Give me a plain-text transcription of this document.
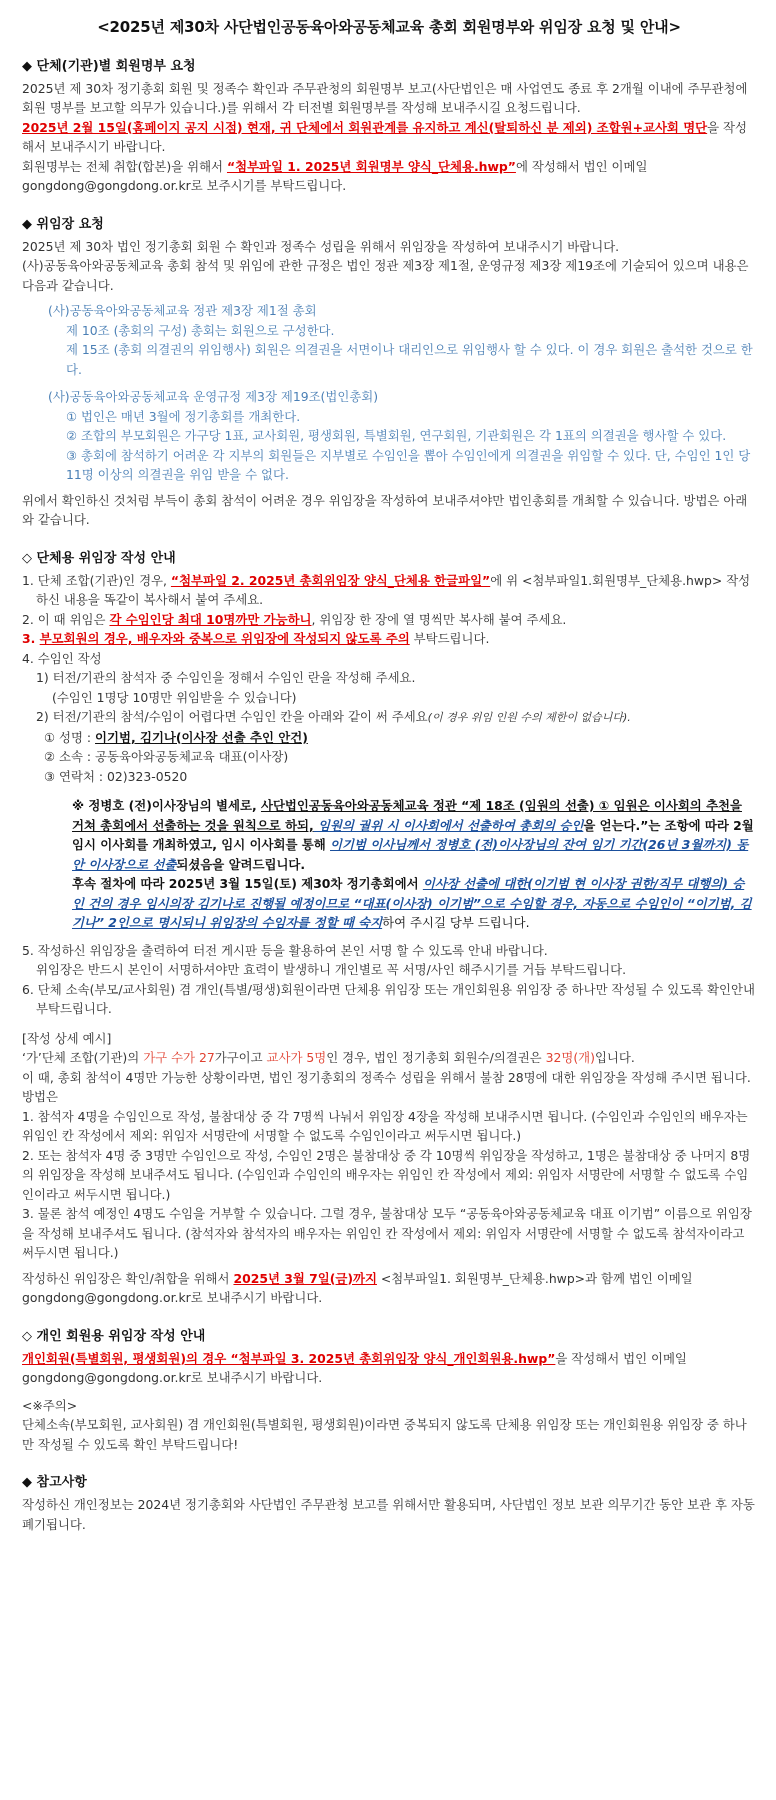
<2025년 제30차 사단법인공동육아와공동체교육 총회 회원명부와 위임장 요청 및 안내>
◆ 단체(기관)별 회원명부 요청

2025년 제 30차 정기총회 회원 및 정족수 확인과 주무관청의 회원명부 보고(사단법인은 매 사업연도 종료 후 2개월 이내에 주무관청에 회원 명부를 보고할 의무가 있습니다.)를 위해서 각 터전별 회원명부를 작성해 보내주시길 요청드립니다.

2025년 2월 15일(홈페이지 공지 시점) 현재, 귀 단체에서 회원관계를 유지하고 계신(탈퇴하신 분 제외) 조합원+교사회 명단을 작성해서 보내주시기 바랍니다.

회원명부는 전체 취합(합본)을 위해서 “첨부파일 1. 2025년 회원명부 양식_단체용.hwp”에 작성해서 법인 이메일 gongdong@gongdong.or.kr로 보주시기를 부탁드립니다.

◆ 위임장 요청

2025년 제 30차 법인 정기총회 회원 수 확인과 정족수 성립을 위해서 위임장을 작성하여 보내주시기 바랍니다.

(사)공동육아와공동체교육 총회 참석 및 위임에 관한 규정은 법인 정관 제3장 제1절, 운영규정 제3장 제19조에 기술되어 있으며 내용은 다음과 같습니다.

(사)공동육아와공동체교육 정관 제3장 제1절 총회

제 10조 (총회의 구성) 총회는 회원으로 구성한다.

제 15조 (총회 의결권의 위임행사) 회원은 의결권을 서면이나 대리인으로 위임행사 할 수 있다. 이 경우 회원은 출석한 것으로 한다.

(사)공동육아와공동체교육 운영규정 제3장 제19조(법인총회)

① 법인은 매년 3월에 정기총회를 개최한다.

② 조합의 부모회원은 가구당 1표, 교사회원, 평생회원, 특별회원, 연구회원, 기관회원은 각 1표의 의결권을 행사할 수 있다.

③ 총회에 참석하기 어려운 각 지부의 회원들은 지부별로 수임인을 뽑아 수임인에게 의결권을 위임할 수 있다. 단, 수임인 1인 당 11명 이상의 의결권을 위임 받을 수 없다.

위에서 확인하신 것처럼 부득이 총회 참석이 어려운 경우 위임장을 작성하여 보내주셔야만 법인총회를 개최할 수 있습니다. 방법은 아래와 같습니다.

◇ 단체용 위임장 작성 안내

1. 단체 조합(기관)인 경우, “첨부파일 2. 2025년 총회위임장 양식_단체용 한글파일”에 위 <첨부파일1.회원명부_단체용.hwp> 작성하신 내용을 똑같이 복사해서 붙여 주세요.

2. 이 때 위임은 각 수임인당 최대 10명까만 가능하니, 위임장 한 장에 열 명씩만 복사해 붙여 주세요.

3. 부모회원의 경우, 배우자와 중복으로 위임장에 작성되지 않도록 주의 부탁드립니다.

4. 수임인 작성

1) 터전/기관의 참석자 중 수임인을 정해서 수임인 란을 작성해 주세요.

(수임인 1명당 10명만 위임받을 수 있습니다)

2) 터전/기관의 참석/수임이 어렵다면 수임인 칸을 아래와 같이 써 주세요(이 경우 위임 인원 수의 제한이 없습니다).

① 성명 : 이기범, 김기나(이사장 선출 추인 안건)

② 소속 : 공동육아와공동체교육 대표(이사장)

③ 연락처 : 02)323-0520

※ 정병호 (전)이사장님의 별세로, 사단법인공동육아와공동체교육 정관 “제 18조 (임원의 선출) ① 임원은 이사회의 추천을 거쳐 총회에서 선출하는 것을 원칙으로 하되, 임원의 궐위 시 이사회에서 선출하여 총회의 승인을 얻는다.”는 조항에 따라 2월 임시 이사회를 개최하였고, 임시 이사회를 통해 이기범 이사님께서 정병호 (전)이사장님의 잔여 임기 기간(26년 3월까지) 동안 이사장으로 선출되셨음을 알려드립니다.

후속 절차에 따라 2025년 3월 15일(토) 제30차 정기총회에서 이사장 선출에 대한(이기범 현 이사장 권한/직무 대행의) 승인 건의 경우 임시의장 김기나로 진행될 예정이므로 “대표(이사장) 이기범”으로 수임할 경우, 자동으로 수임인이 “이기범, 김기나” 2인으로 명시되니 위임장의 수임자를 정할 때 숙지하여 주시길 당부 드립니다.

5. 작성하신 위임장을 출력하여 터전 게시판 등을 활용하여 본인 서명 할 수 있도록 안내 바랍니다.

위임장은 반드시 본인이 서명하셔야만 효력이 발생하니 개인별로 꼭 서명/사인 해주시기를 거듭 부탁드립니다.

6. 단체 소속(부모/교사회원) 겸 개인(특별/평생)회원이라면 단체용 위임장 또는 개인회원용 위임장 중 하나만 작성될 수 있도록 확인안내 부탁드립니다.

[작성 상세 예시]

‘가’단체 조합(기관)의 가구 수가 27가구이고 교사가 5명인 경우, 법인 정기총회 회원수/의결권은 32명(개)입니다.

이 때, 총회 참석이 4명만 가능한 상황이라면, 법인 정기총회의 정족수 성립을 위해서 불참 28명에 대한 위임장을 작성해 주시면 됩니다.

방법은

1. 참석자 4명을 수임인으로 작성, 불참대상 중 각 7명씩 나눠서 위임장 4장을 작성해 보내주시면 됩니다. (수임인과 수임인의 배우자는 위임인 칸 작성에서 제외: 위임자 서명란에 서명할 수 없도록 수임인이라고 써두시면 됩니다.)

2. 또는 참석자 4명 중 3명만 수임인으로 작성, 수임인 2명은 불참대상 중 각 10명씩 위임장을 작성하고, 1명은 불참대상 중 나머지 8명의 위임장을 작성해 보내주셔도 됩니다. (수임인과 수임인의 배우자는 위임인 칸 작성에서 제외: 위임자 서명란에 서명할 수 없도록 수임인이라고 써두시면 됩니다.)

3. 물론 참석 예정인 4명도 수임을 거부할 수 있습니다. 그럴 경우, 불참대상 모두 “공동육아와공동체교육 대표 이기범” 이름으로 위임장을 작성해 보내주셔도 됩니다. (참석자와 참석자의 배우자는 위임인 칸 작성에서 제외: 위임자 서명란에 서명할 수 없도록 참석자이라고 써두시면 됩니다.)

작성하신 위임장은 확인/취합을 위해서 2025년 3월 7일(금)까지 <첨부파일1. 회원명부_단체용.hwp>과 함께 법인 이메일 gongdong@gongdong.or.kr로 보내주시기 바랍니다.

◇ 개인 회원용 위임장 작성 안내

개인회원(특별회원, 평생회원)의 경우 “첨부파일 3. 2025년 총회위임장 양식_개인회원용.hwp”을 작성해서 법인 이메일 gongdong@gongdong.or.kr로 보내주시기 바랍니다.

<※주의>

단체소속(부모회원, 교사회원) 겸 개인회원(특별회원, 평생회원)이라면 중복되지 않도록 단체용 위임장 또는 개인회원용 위임장 중 하나만 작성될 수 있도록 확인 부탁드립니다!

◆ 참고사항

작성하신 개인정보는 2024년 정기총회와 사단법인 주무관청 보고를 위해서만 활용되며, 사단법인 정보 보관 의무기간 동안 보관 후 자동 폐기됩니다.
